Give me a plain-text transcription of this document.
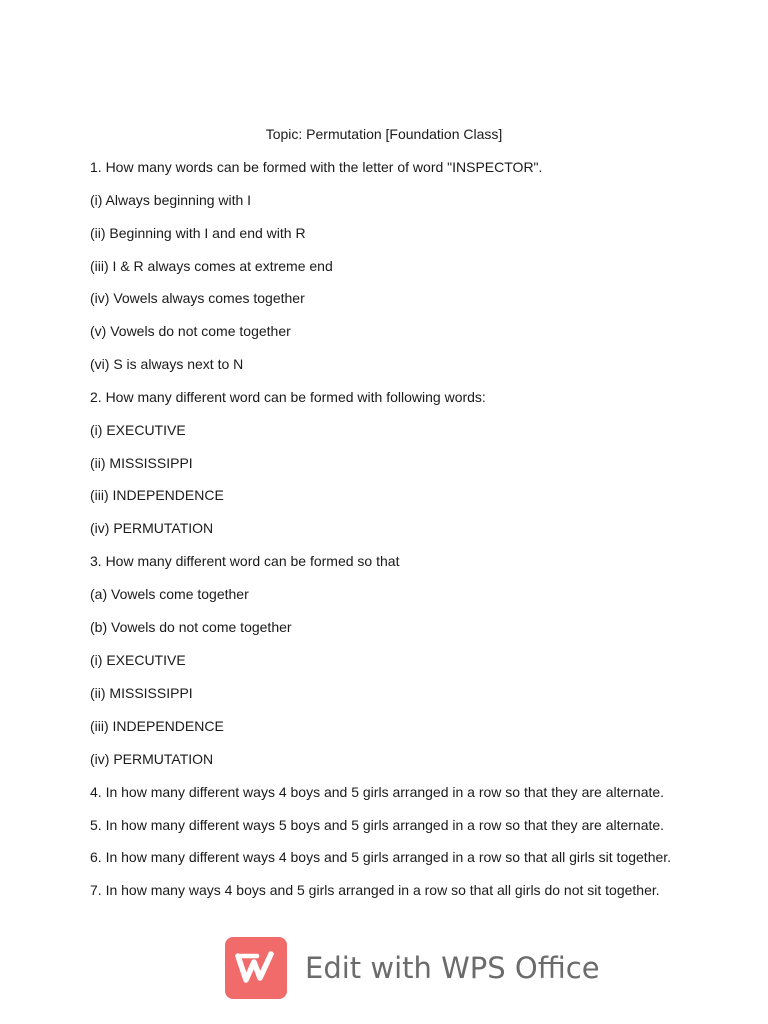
Topic: Permutation [Foundation Class]
1. How many words can be formed with the letter of word "INSPECTOR".
(i) Always beginning with I
(ii) Beginning with I and end with R
(iii) I & R always comes at extreme end
(iv) Vowels always comes together
(v) Vowels do not come together
(vi) S is always next to N
2. How many different word can be formed with following words:
(i) EXECUTIVE
(ii) MISSISSIPPI
(iii) INDEPENDENCE
(iv) PERMUTATION
3. How many different word can be formed so that
(a) Vowels come together
(b) Vowels do not come together
(i) EXECUTIVE
(ii) MISSISSIPPI
(iii) INDEPENDENCE
(iv) PERMUTATION
4. In how many different ways 4 boys and 5 girls arranged in a row so that they are alternate.
5. In how many different ways 5 boys and 5 girls arranged in a row so that they are alternate.
6. In how many different ways 4 boys and 5 girls arranged in a row so that all girls sit together.
7. In how many ways 4 boys and 5 girls arranged in a row so that all girls do not sit together.
Edit with WPS Office
